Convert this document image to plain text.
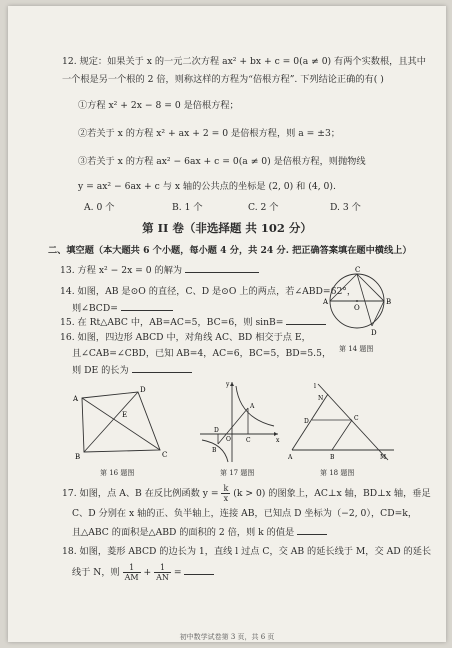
12. 规定：如果关于 x 的一元二次方程 ax² + bx + c = 0(a ≠ 0) 有两个实数根，且其中
一个根是另一个根的 2 倍，则称这样的方程为“倍根方程”. 下列结论正确的有( )
①方程 x² + 2x − 8 = 0 是倍根方程；
②若关于 x 的方程 x² + ax + 2 = 0 是倍根方程，则 a = ±3；
③若关于 x 的方程 ax² − 6ax + c = 0(a ≠ 0) 是倍根方程，则抛物线
y = ax² − 6ax + c 与 x 轴的公共点的坐标是 (2, 0) 和 (4, 0).
A. 0 个	B. 1 个	C. 2 个	D. 3 个
第 II 卷（非选择题 共 102 分）
二、填空题（本大题共 6 个小题，每小题 4 分，共 24 分. 把正确答案填在题中横线上）
13. 方程 x² − 2x = 0 的解为
14. 如图，AB 是⊙O 的直径，C、D 是⊙O 上的两点，若∠ABD=62°，
则∠BCD=
C
A	B
O
D
第 14 题图
15. 在 Rt△ABC 中，AB=AC=5，BC=6，则 sinB=
16. 如图，四边形 ABCD 中，对角线 AC、BD 相交于点 E，
且∠CAB=∠CBD，已知 AB=4，AC=6，BC=5，BD=5.5，
则 DE 的长为
A
D
E
B	C
第 16 题图
y
x
O
A
B
C
D
第 17 题图
l
N
D	C
A	B	M
第 18 题图
17. 如图，点 A、B 在反比例函数 $y = \frac{k}{x} (k > 0)$ 的图象上，AC⊥x 轴，BD⊥x 轴，垂足
C、D 分别在 x 轴的正、负半轴上，连接 AB，已知点 D 坐标为（−2, 0），CD=k，
且△ABC 的面积是△ABD 的面积的 2 倍，则 k 的值是
18. 如图，菱形 ABCD 的边长为 1，直线 l 过点 C，交 AB 的延长线于 M，交 AD 的延长
线于 N，则 $\frac{1}{AM} + \frac{1}{AN}$ =
初中数学试卷第 3 页，共 6 页
